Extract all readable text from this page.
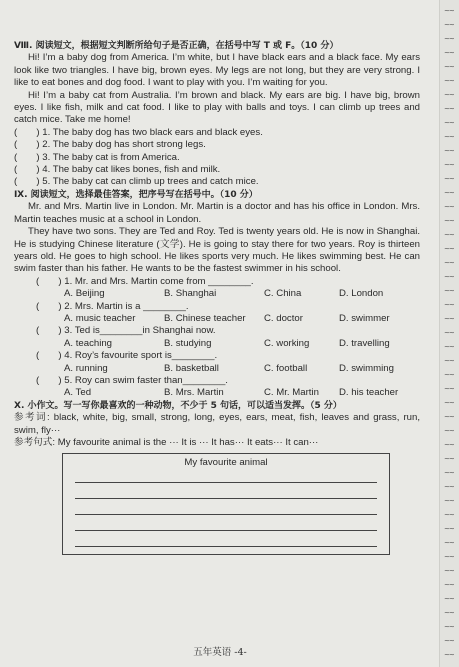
Ⅷ. 阅读短文，根据短文判断所给句子是否正确，在括号中写 T 或 F。（10 分）

Hi! I’m a baby dog from America. I’m white, but I have black ears and a black face. My ears look like two triangles. I have big, brown eyes. My legs are not long, but they are very strong. I like to eat bones and dog food. I want to play with you. I’m waiting for you.

Hi! I’m a baby cat from Australia. I’m brown and black. My ears are big. I have big, brown eyes. I like fish, milk and cat food. I like to play with balls and toys. I can climb up trees and catch mice. Take me home!

(　　) 1. The baby dog has two black ears and black eyes.
(　　) 2. The baby dog has short strong legs.
(　　) 3. The baby cat is from America.
(　　) 4. The baby cat likes bones, fish and milk.
(　　) 5. The baby cat can climb up trees and catch mice.

Ⅸ. 阅读短文，选择最佳答案，把序号写在括号中。（10 分）

Mr. and Mrs. Martin live in London. Mr. Martin is a doctor and has his office in London. Mrs. Martin teaches music at a school in London.

They have two sons. They are Ted and Roy. Ted is twenty years old. He is now in Shanghai. He is studying Chinese literature (文学). He is going to stay there for two years. Roy is thirteen years old. He goes to high school. He likes sports very much. He likes swimming best. He can swim faster than his father. He wants to be the fastest swimmer in his school.

(　　) 1. Mr. and Mrs. Martin come from ________.
A. Beijing	B. Shanghai	C. China	D. London
(　　) 2. Mrs. Martin is a ________.
A. music teacher	B. Chinese teacher	C. doctor	D. swimmer
(　　) 3. Ted is________in Shanghai now.
A. teaching	B. studying	C. working	D. travelling
(　　) 4. Roy’s favourite sport is________.
A. running	B. basketball	C. football	D. swimming
(　　) 5. Roy can swim faster than________.
A. Ted	B. Mrs. Martin	C. Mr. Martin	D. his teacher

Ⅹ. 小作文。写一写你最喜欢的一种动物，不少于 5 句话，可以适当发挥。（5 分）

参考词: black, white, big, small, strong, long, eyes, ears, meat, fish, leaves and grass, run, swim, fly···

参考句式: My favourite animal is the ··· It is ··· It has··· It eats··· It can···

My favourite animal
五年英语 -4-
~~
~~
~~
~~
~~
~~
~~
~~
~~
~~
~~
~~
~~
~~
~~
~~
~~
~~
~~
~~
~~
~~
~~
~~
~~
~~
~~
~~
~~
~~
~~
~~
~~
~~
~~
~~
~~
~~
~~
~~
~~
~~
~~
~~
~~
~~
~~
